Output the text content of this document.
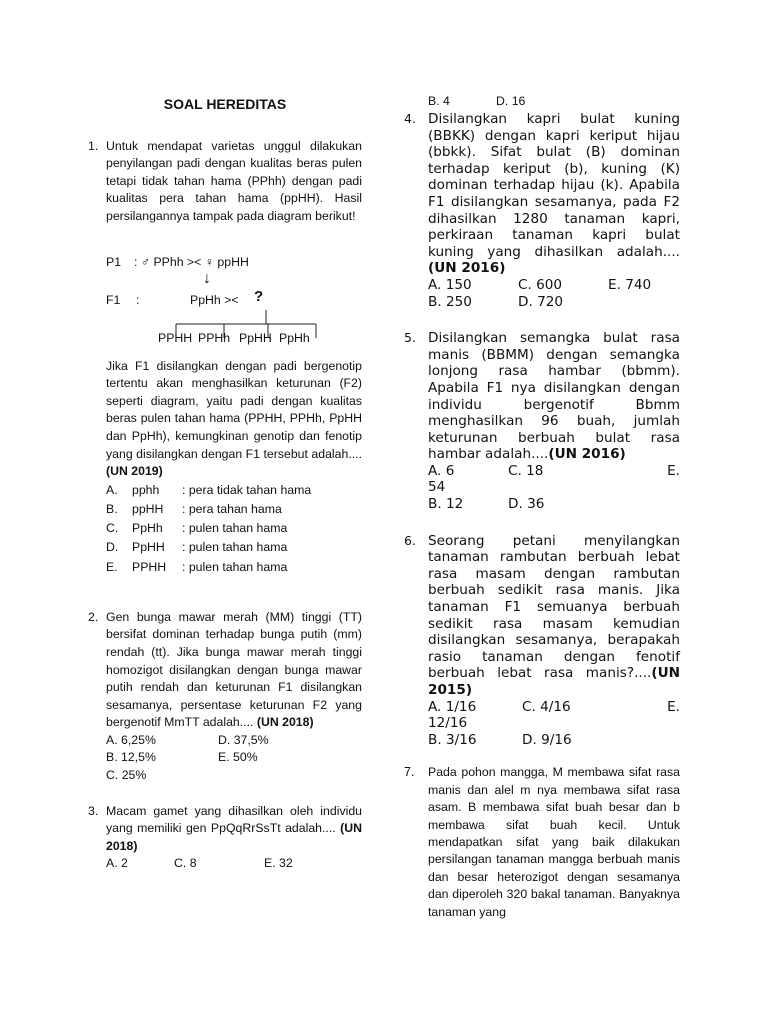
SOAL HEREDITAS
1. Untuk mendapat varietas unggul dilakukan penyilangan padi dengan kualitas beras pulen tetapi tidak tahan hama (PPhh) dengan padi kualitas pera tahan hama (ppHH). Hasil persilangannya tampak pada diagram berikut!
P1 : ♂ PPhh >< ♀ ppHH
↓
F1 :	PpHh >< ?
PPHH PPHh PpHH PpHh
Jika F1 disilangkan dengan padi bergenotip tertentu akan menghasilkan keturunan (F2) seperti diagram, yaitu padi dengan kualitas beras pulen tahan hama (PPHH, PPHh, PpHH dan PpHh), kemungkinan genotip dan fenotip yang disilangkan dengan F1 tersebut adalah.... (UN 2019)
A.	pphh	: pera tidak tahan hama
B.	ppHH	: pera tahan hama
C.	PpHh	: pulen tahan hama
D.	PpHH	: pulen tahan hama
E.	PPHH	: pulen tahan hama
2. Gen bunga mawar merah (MM) tinggi (TT) bersifat dominan terhadap bunga putih (mm) rendah (tt). Jika bunga mawar merah tinggi homozigot disilangkan dengan bunga mawar putih rendah dan keturunan F1 disilangkan sesamanya, persentase keturunan F2 yang bergenotif MmTT adalah.... (UN 2018)
A. 6,25%	D. 37,5%
B. 12,5%	E. 50%
C. 25%
3. Macam gamet yang dihasilkan oleh individu yang memiliki gen PpQqRrSsTt adalah.... (UN 2018)
A. 2	C. 8	E. 32
B. 4	D. 16
4. Disilangkan kapri bulat kuning (BBKK) dengan kapri keriput hijau (bbkk). Sifat bulat (B) dominan terhadap keriput (b), kuning (K) dominan terhadap hijau (k). Apabila F1 disilangkan sesamanya, pada F2 dihasilkan 1280 tanaman kapri, perkiraan tanaman kapri bulat kuning yang dihasilkan adalah....(UN 2016)
A. 150	C. 600	E. 740
B. 250	D. 720
5. Disilangkan semangka bulat rasa manis (BBMM) dengan semangka lonjong rasa hambar (bbmm). Apabila F1 nya disilangkan dengan individu bergenotif Bbmm menghasilkan 96 buah, jumlah keturunan berbuah bulat rasa hambar adalah....(UN 2016)
A. 6	C. 18	E.
54
B. 12	D. 36
6. Seorang petani menyilangkan tanaman rambutan berbuah lebat rasa masam dengan rambutan berbuah sedikit rasa manis. Jika tanaman F1 semuanya berbuah sedikit rasa masam kemudian disilangkan sesamanya, berapakah rasio tanaman dengan fenotif berbuah lebat rasa manis?....(UN 2015)
A. 1/16	C. 4/16	E.
12/16
B. 3/16	D. 9/16
7.	Pada pohon mangga, M membawa sifat rasa manis dan alel m nya membawa sifat rasa asam. B membawa sifat buah besar dan b membawa sifat buah kecil. Untuk mendapatkan sifat yang baik dilakukan persilangan tanaman mangga berbuah manis dan besar heterozigot dengan sesamanya dan diperoleh 320 bakal tanaman. Banyaknya tanaman yang
